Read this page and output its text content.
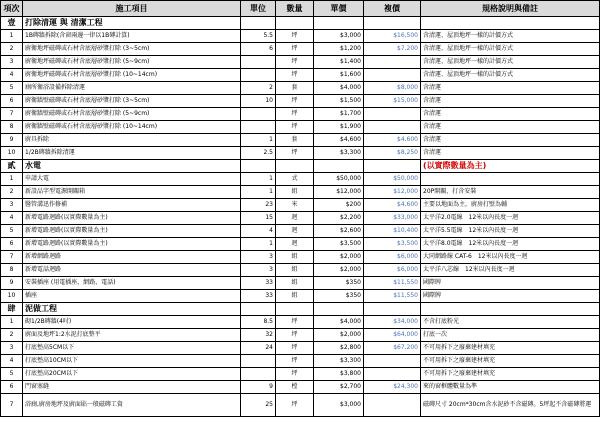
項次	施工項目	單位	數量	單價	複價	規格說明與備註
壹	打除清運 與 清潔工程					
1	1B磚牆拆除(含窗兩邊一律以1B磚計算)	5.5	坪	$3,000	$16,500	含清運、屋頂地坪一樣的計價方式
2	廚衛地坪磁磚或石材含底層砂漿打除 (3~5cm)	6	坪	$1,200	$7,200	含清運、屋頂地坪一樣的計價方式
3	廚衛地坪磁磚或石材含底層砂漿打除 (5~9cm)		坪	$1,400		含清運、屋頂地坪一樣的計價方式
4	廚衛地坪磁磚或石材含底層砂漿打除 (10~14cm)		坪	$1,600		含清運、屋頂地坪一樣的計價方式
5	廁所衛浴設備拆除清運	2	套	$4,000	$8,000	含清運
6	廚衛牆壁磁磚或石材含底層砂漿打除 (3~5cm)	10	坪	$1,500	$15,000	含清運
7	廚衛牆壁磁磚或石材含底層砂漿打除 (5~9cm)		坪	$1,700		含清運
8	廚衛牆壁磁磚或石材含底層砂漿打除 (10~14cm)		坪	$1,900		含清運
9	廚具拆除	1	套	$4,600	$4,600	含清運
10	1/2B磚牆拆除清運	2.5	坪	$3,300	$8,250	含清運
貳	水電					(以實際數量為主)
1	申請大電	1	式	$50,000	$50,000	
2	新設品字型電源開關箱	1	組	$12,000	$12,000	20P開關、打含安裝
3	醫管溝迅作修補	23	米	$200	$4,600	主要以地面為主，廚房打壁為輔
4	新增電路迴路(以實際數量為主)	15	迴	$2,200	$33,000	太平洋2.0電線　12米以內長度一迴
5	新增電路迴路(以實際數量為主)	4	迴	$2,600	$10,400	太平洋5.5電線　12米以內長度一迴
6	新增電路迴路(以實際數量為主)	1	迴	$3,500	$3,500	太平洋8.0電線　12米以內長度一迴
7	新增網路迴路	3	組	$2,000	$6,000	大同網路線 CAT-6　12米以內長度一迴
8	新增電話迴路	3	組	$2,000	$6,000	太平洋八芯線　12米以內長度一迴
9	安裝插座 (用電插座、網路、電話)	33	組	$350	$11,550	國際牌
10	插座	33	組	$350	$11,550	國際牌
肆	泥做工程					
1	砌1/2B磚牆(4吋)	8.5	坪	$4,000	$34,000	不含打底粉光
2	廚面及地坪1:2水泥打底整平	32	坪	$2,000	$64,000	打底一次
3	打底墊高5CM以下	24	坪	$2,800	$67,200	不可用拆下之廢棄建材填充
4	打底墊高10CM以下		坪	$3,300		不可用拆下之廢棄建材填充
5	打底墊高20CM以下		坪	$3,800		不可用拆下之廢棄建材填充
6	門窗塞縫	9	樘	$2,700	$24,300	來的窗框體數量為準
7	浴廁,廚房地坪及廚面貼一般磁磚工資	25	坪	$3,000		磁磚尺寸 20cm*30cm含水泥砂不含磁磚。5坪起不含磁磚將運
